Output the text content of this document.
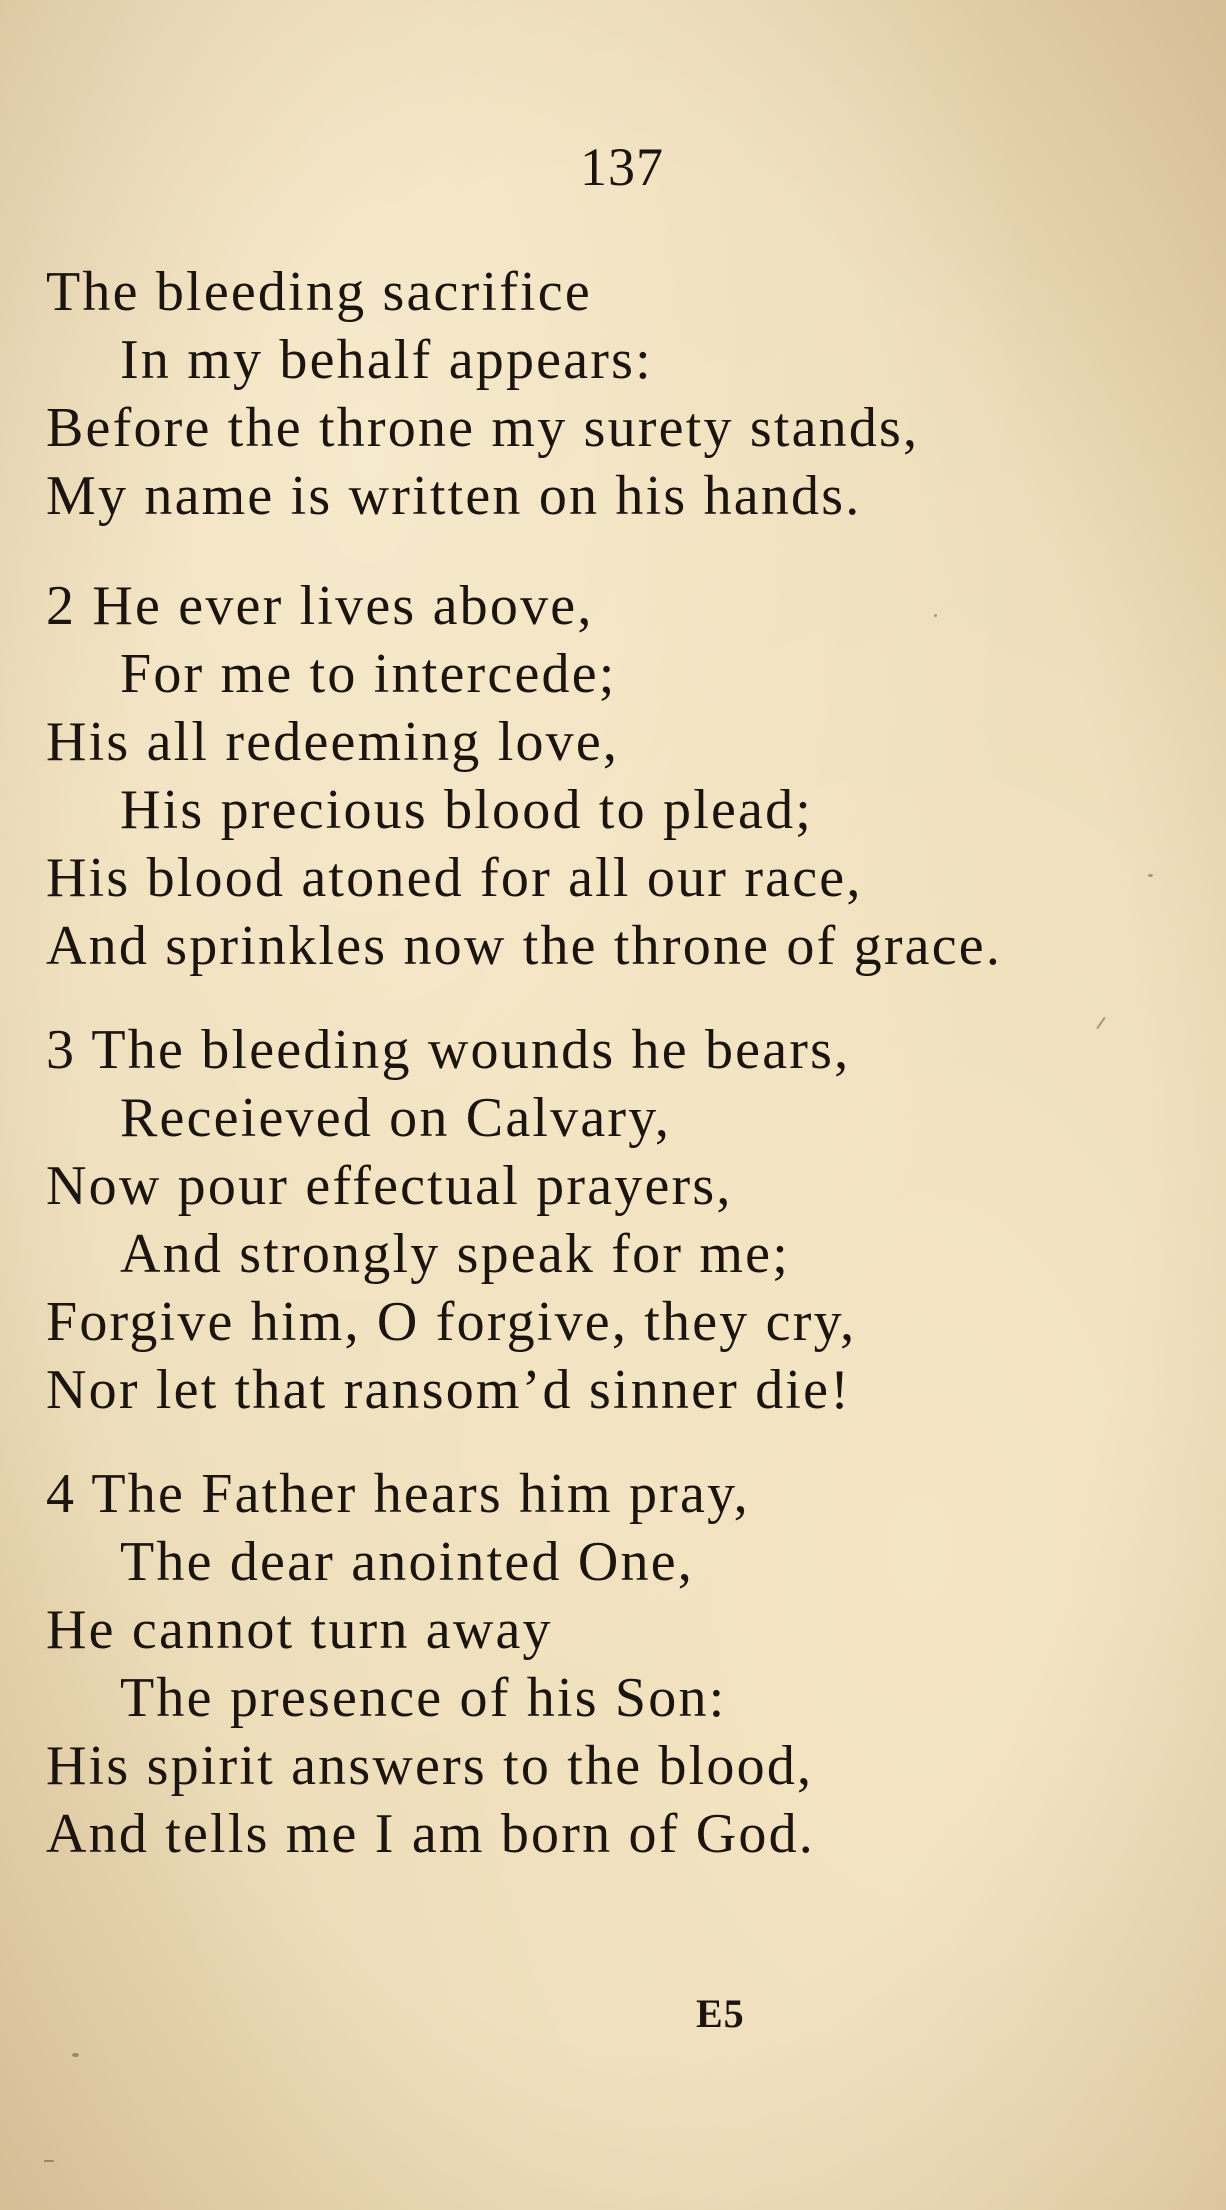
137
The bleeding sacrifice
In my behalf appears:
Before the throne my surety stands,
My name is written on his hands.
2 He ever lives above,
For me to intercede;
His all redeeming love,
His precious blood to plead;
His blood atoned for all our race,
And sprinkles now the throne of grace.
3 The bleeding wounds he bears,
Receieved on Calvary,
Now pour effectual prayers,
And strongly speak for me;
Forgive him, O forgive, they cry,
Nor let that ransom’d sinner die!
4 The Father hears him pray,
The dear anointed One,
He cannot turn away
The presence of his Son:
His spirit answers to the blood,
And tells me I am born of God.
E5
